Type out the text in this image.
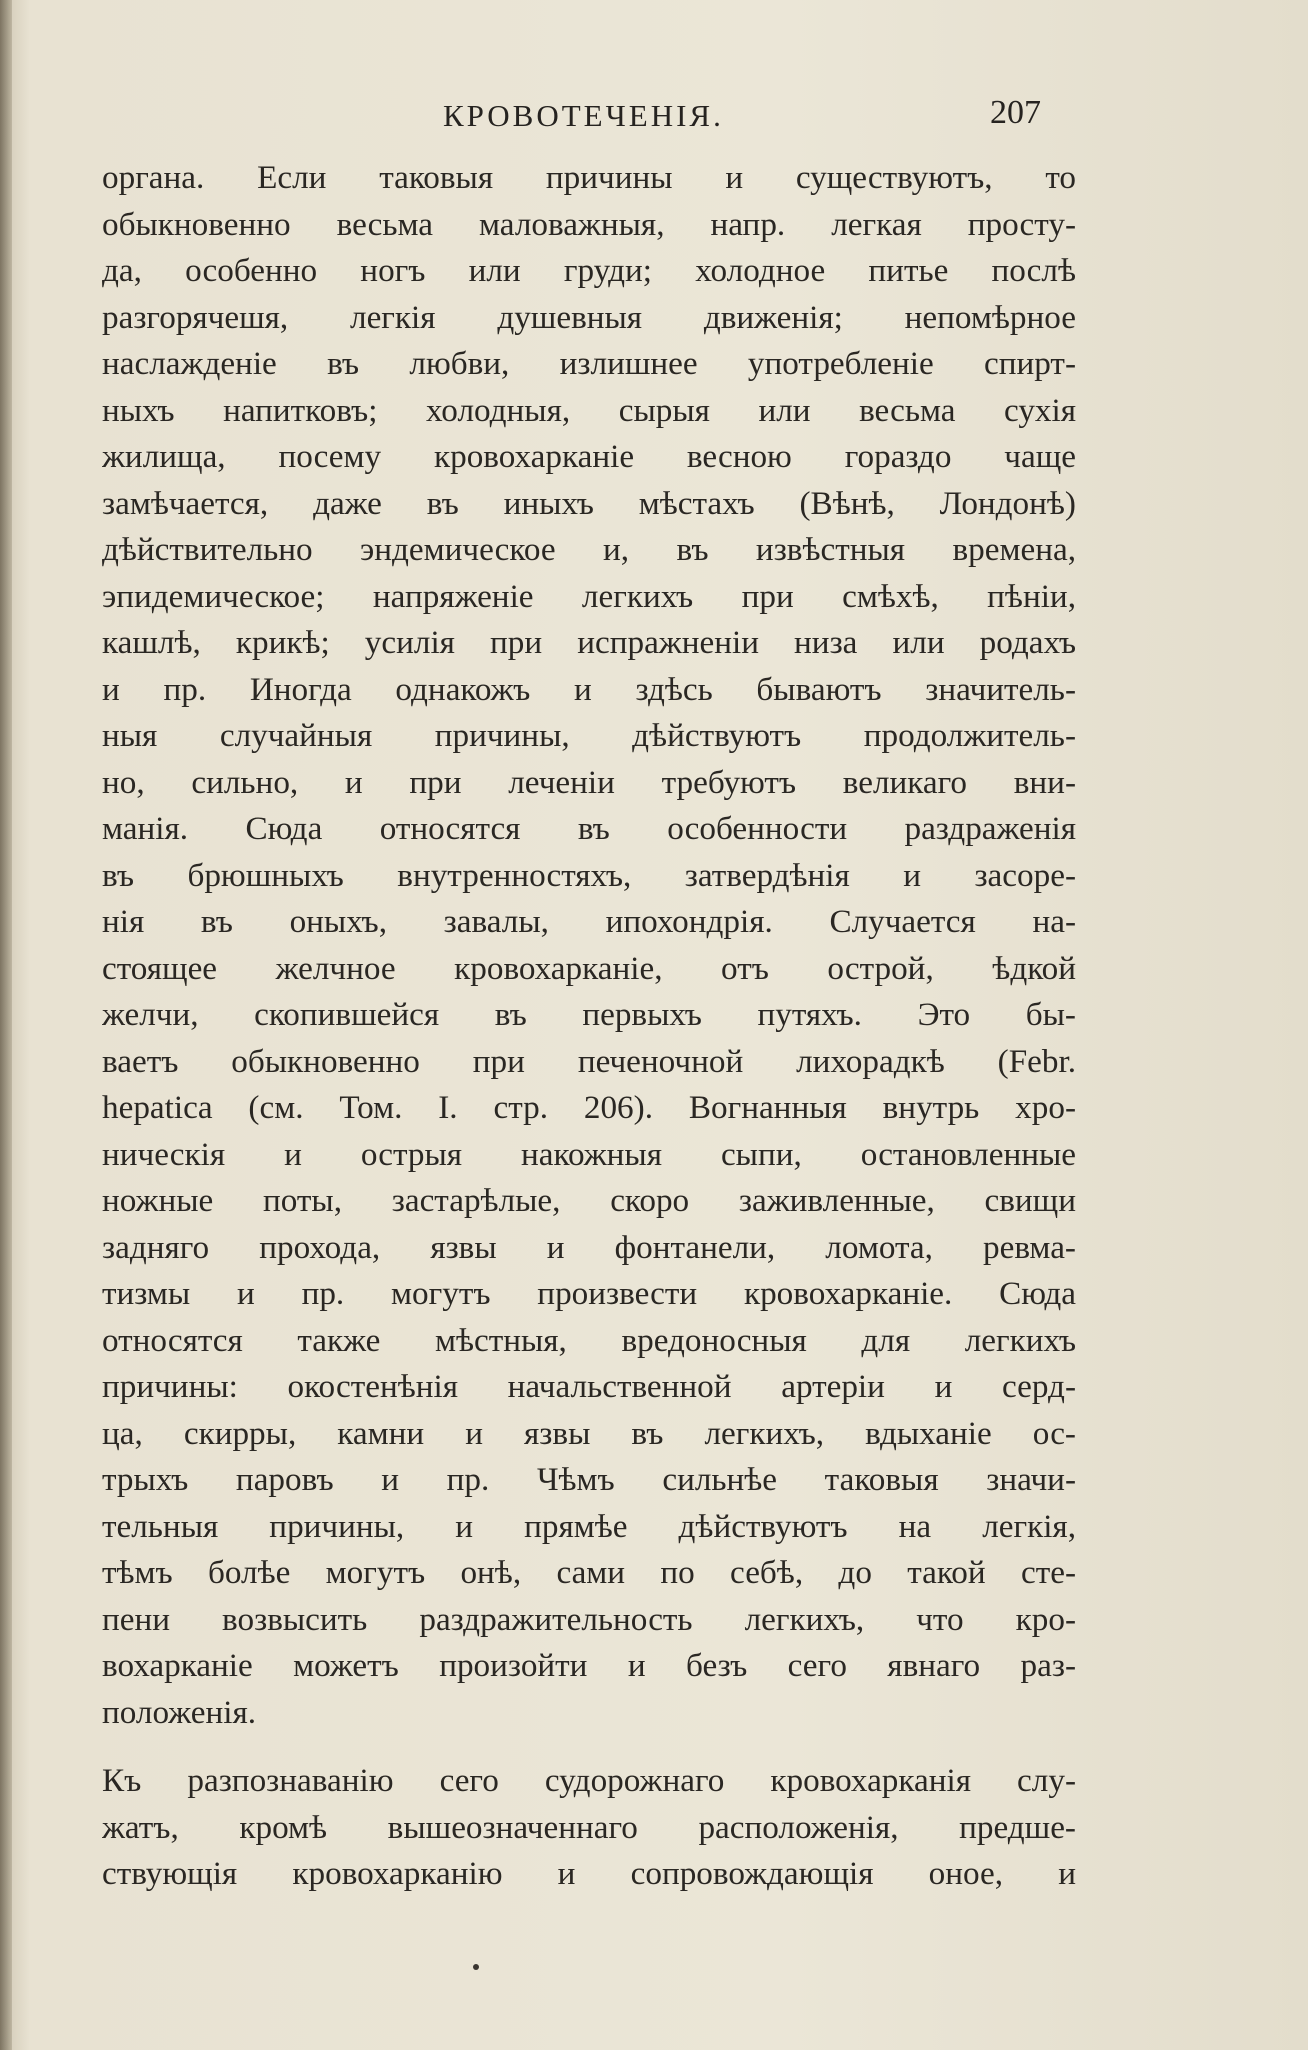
КРОВОТЕЧЕНІЯ.	207
органа. Если таковыя причины и существуютъ, то
обыкновенно весьма маловажныя, напр. легкая просту-
да, особенно ногъ или груди; холодное питье послѣ
разгорячешя, легкія душевныя движенія; непомѣрное
наслажденіе въ любви, излишнее употребленіе спирт-
ныхъ напитковъ; холодныя, сырыя или весьма сухія
жилища, посему кровохарканіе весною гораздо чаще
замѣчается, даже въ иныхъ мѣстахъ (Вѣнѣ, Лондонѣ)
дѣйствительно эндемическое и, въ извѣстныя времена,
эпидемическое; напряженіе легкихъ при смѣхѣ, пѣніи,
кашлѣ, крикѣ; усилія при испражненіи низа или родахъ
и пр. Иногда однакожъ и здѣсь бываютъ значитель-
ныя случайныя причины, дѣйствуютъ продолжитель-
но, сильно, и при леченіи требуютъ великаго вни-
манія. Сюда относятся въ особенности раздраженія
въ брюшныхъ внутренностяхъ, затвердѣнія и засоре-
нія въ оныхъ, завалы, ипохондрія. Случается на-
стоящее желчное кровохарканіе, отъ острой, ѣдкой
желчи, скопившейся въ первыхъ путяхъ. Это бы-
ваетъ обыкновенно при печеночной лихорадкѣ (Febr.
hepatica (см. Том. I. стр. 206). Вогнанныя внутрь хро-
ническія и острыя накожныя сыпи, остановленные
ножные поты, застарѣлые, скоро заживленные, свищи
задняго прохода, язвы и фонтанели, ломота, ревма-
тизмы и пр. могутъ произвести кровохарканіе. Сюда
относятся также мѣстныя, вредоносныя для легкихъ
причины: окостенѣнія начальственной артеріи и серд-
ца, скирры, камни и язвы въ легкихъ, вдыханіе ос-
трыхъ паровъ и пр. Чѣмъ сильнѣе таковыя значи-
тельныя причины, и прямѣе дѣйствуютъ на легкія,
тѣмъ болѣе могутъ онѣ, сами по себѣ, до такой сте-
пени возвысить раздражительность легкихъ, что кро-
вохарканіе можетъ произойти и безъ сего явнаго раз-
положенія.
Къ разпознаванію сего судорожнаго кровохарканія слу-
жатъ, кромѣ вышеозначеннаго расположенія, предше-
ствующія кровохарканію и сопровождающія оное, и
